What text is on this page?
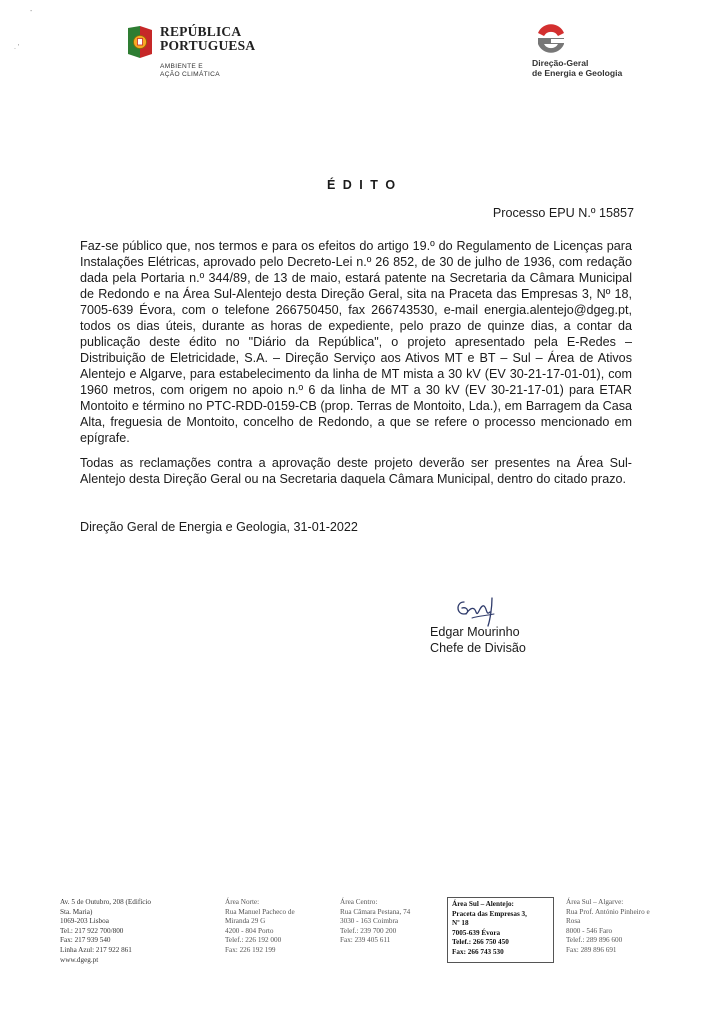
-
. '
REPÚBLICA
PORTUGUESA
AMBIENTE E
AÇÃO CLIMÁTICA
Direção-Geral
de Energia e Geologia
É D I T O
Processo EPU N.º 15857

Faz-se público que, nos termos e para os efeitos do artigo 19.º do Regulamento de Licenças para Instalações Elétricas, aprovado pelo Decreto-Lei n.º 26 852, de 30 de julho de 1936, com redação dada pela Portaria n.º 344/89, de 13 de maio, estará patente na Secretaria da Câmara Municipal de Redondo e na Área Sul-Alentejo desta Direção Geral, sita na Praceta das Empresas 3, Nº 18, 7005-639 Évora, com o telefone 266750450, fax 266743530, e-mail energia.alentejo@dgeg.pt, todos os dias úteis, durante as horas de expediente, pelo prazo de quinze dias, a contar da publicação deste édito no "Diário da República", o projeto apresentado pela E-Redes – Distribuição de Eletricidade, S.A. – Direção Serviço aos Ativos MT e BT – Sul – Área de Ativos Alentejo e Algarve, para estabelecimento da linha de MT mista a 30 kV (EV 30-21-17-01-01), com 1960 metros, com origem no apoio n.º 6 da linha de MT a 30 kV (EV 30-21-17-01) para ETAR Montoito e término no PTC-RDD-0159-CB (prop. Terras de Montoito, Lda.), em Barragem da Casa Alta, freguesia de Montoito, concelho de Redondo, a que se refere o processo mencionado em epígrafe.

Todas as reclamações contra a aprovação deste projeto deverão ser presentes na Área Sul-Alentejo desta Direção Geral ou na Secretaria daquela Câmara Municipal, dentro do citado prazo.

Direção Geral de Energia e Geologia, 31-01-2022
Edgar Mourinho
Chefe de Divisão
Av. 5 de Outubro, 208 (Edifício
Sta. Maria)
1069-203 Lisboa
Tel.: 217 922 700/800
Fax: 217 939 540
Linha Azul: 217 922 861
www.dgeg.pt
Área Norte:
Rua Manuel Pacheco de
Miranda 29 G
4200 - 804 Porto
Telef.: 226 192 000
Fax: 226 192 199
Área Centro:
Rua Câmara Pestana, 74
3030 - 163 Coimbra
Telef.: 239 700 200
Fax: 239 405 611
Área Sul – Alentejo:
Praceta das Empresas 3,
Nº 18
7005-639 Évora
Telef.: 266 750 450
Fax: 266 743 530
Área Sul – Algarve:
Rua Prof. António Pinheiro e
Rosa
8000 - 546 Faro
Telef.: 289 896 600
Fax: 289 896 691
